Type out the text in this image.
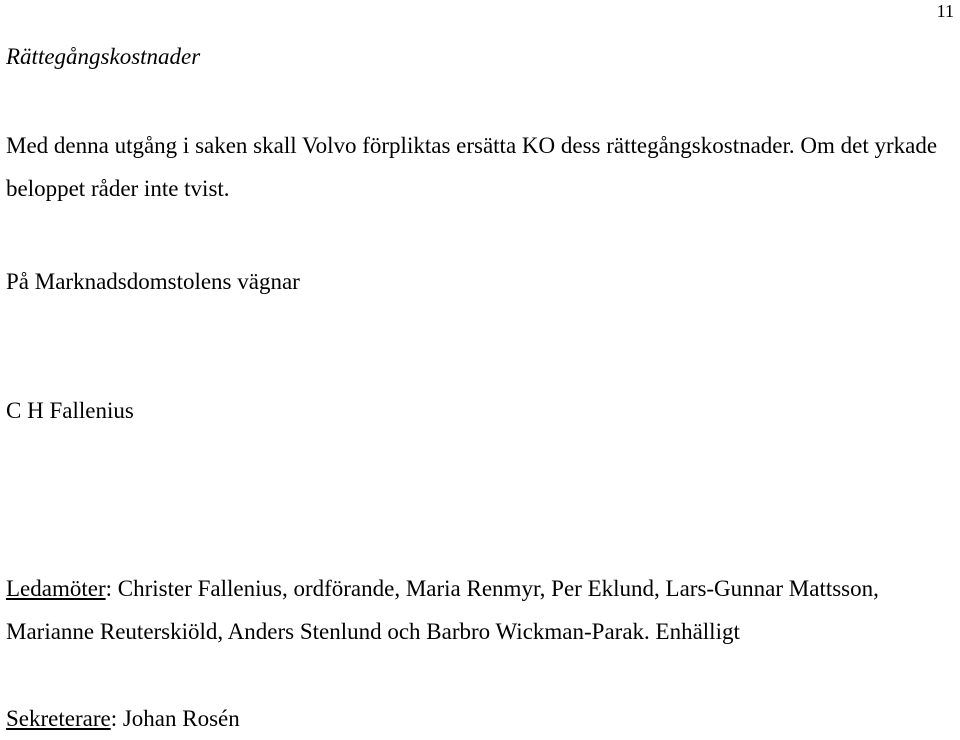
11
Rättegångskostnader

Med denna utgång i saken skall Volvo förpliktas ersätta KO dess rättegångskostnader. Om det yrkade beloppet råder inte tvist.

På Marknadsdomstolens vägnar

C H Fallenius

Ledamöter: Christer Fallenius, ordförande, Maria Renmyr, Per Eklund, Lars-Gunnar Mattsson, Marianne Reuterskiöld, Anders Stenlund och Barbro Wickman-Parak. Enhälligt

Sekreterare: Johan Rosén
